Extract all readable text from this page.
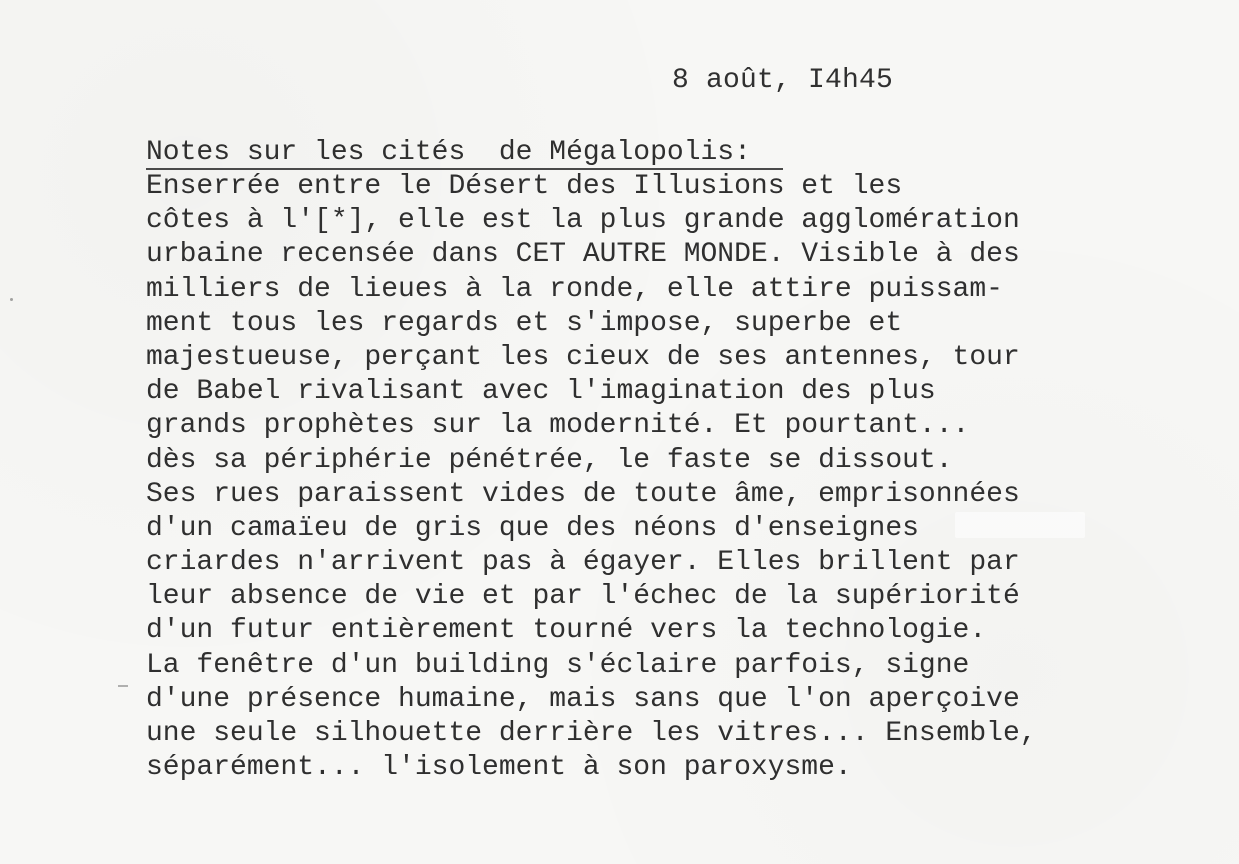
8 août, I4h45
Notes sur les cités  de Mégalopolis:
Enserrée entre le Désert des Illusions et les
côtes à l'[*], elle est la plus grande agglomération
urbaine recensée dans CET AUTRE MONDE. Visible à des
milliers de lieues à la ronde, elle attire puissam-
ment tous les regards et s'impose, superbe et
majestueuse, perçant les cieux de ses antennes, tour
de Babel rivalisant avec l'imagination des plus
grands prophètes sur la modernité. Et pourtant...
dès sa périphérie pénétrée, le faste se dissout.
Ses rues paraissent vides de toute âme, emprisonnées
d'un camaïeu de gris que des néons d'enseignes
criardes n'arrivent pas à égayer. Elles brillent par
leur absence de vie et par l'échec de la supériorité
d'un futur entièrement tourné vers la technologie.
La fenêtre d'un building s'éclaire parfois, signe
d'une présence humaine, mais sans que l'on aperçoive
une seule silhouette derrière les vitres... Ensemble,
séparément... l'isolement à son paroxysme.
